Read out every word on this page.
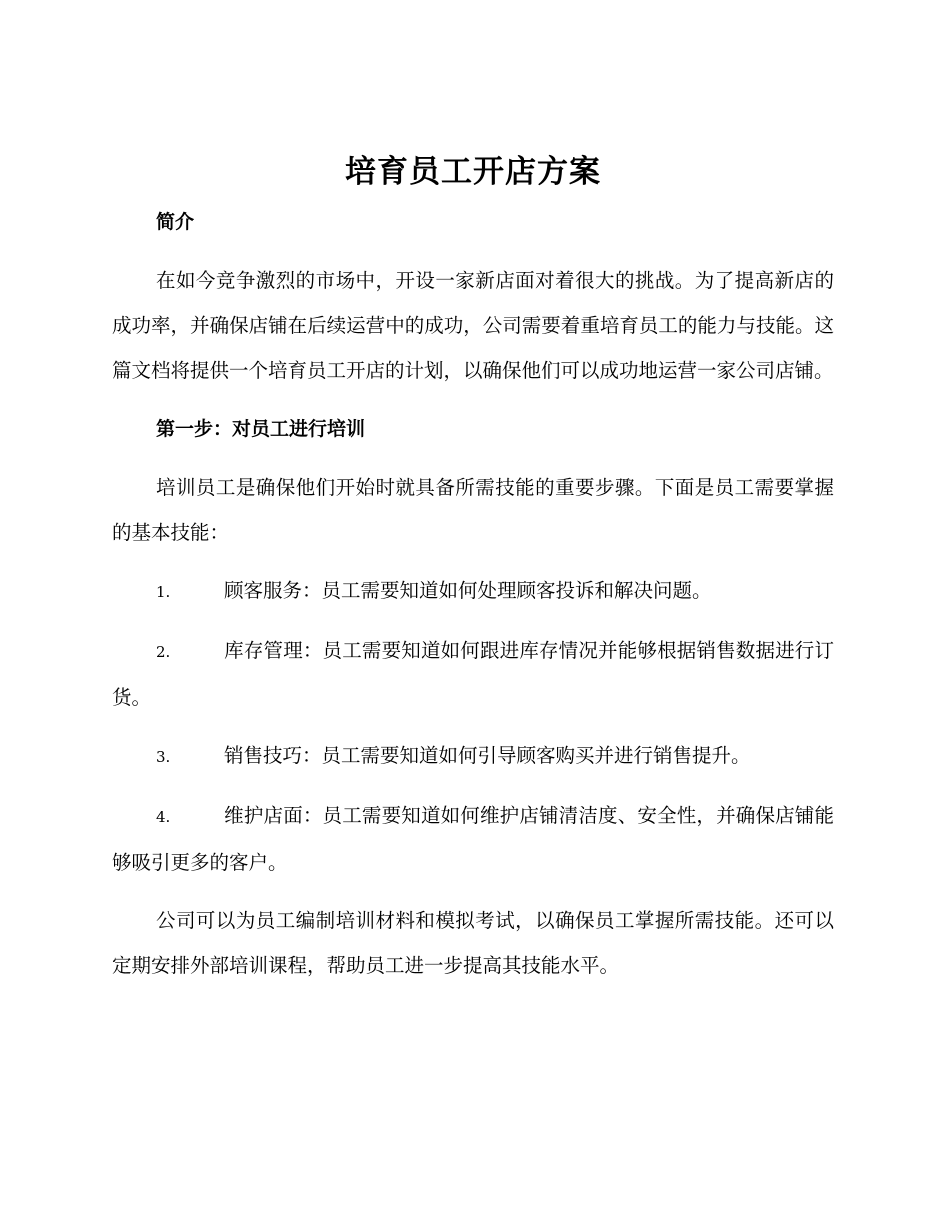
培育员工开店方案
简介

在如今竞争激烈的市场中，开设一家新店面对着很大的挑战。为了提高新店的成功率，并确保店铺在后续运营中的成功，公司需要着重培育员工的能力与技能。这篇文档将提供一个培育员工开店的计划，以确保他们可以成功地运营一家公司店铺。

第一步：对员工进行培训

培训员工是确保他们开始时就具备所需技能的重要步骤。下面是员工需要掌握的基本技能：

1.	顾客服务：员工需要知道如何处理顾客投诉和解决问题。

2.	库存管理：员工需要知道如何跟进库存情况并能够根据销售数据进行订货。

3.	销售技巧：员工需要知道如何引导顾客购买并进行销售提升。

4.	维护店面：员工需要知道如何维护店铺清洁度、安全性，并确保店铺能够吸引更多的客户。

公司可以为员工编制培训材料和模拟考试，以确保员工掌握所需技能。还可以定期安排外部培训课程，帮助员工进一步提高其技能水平。
